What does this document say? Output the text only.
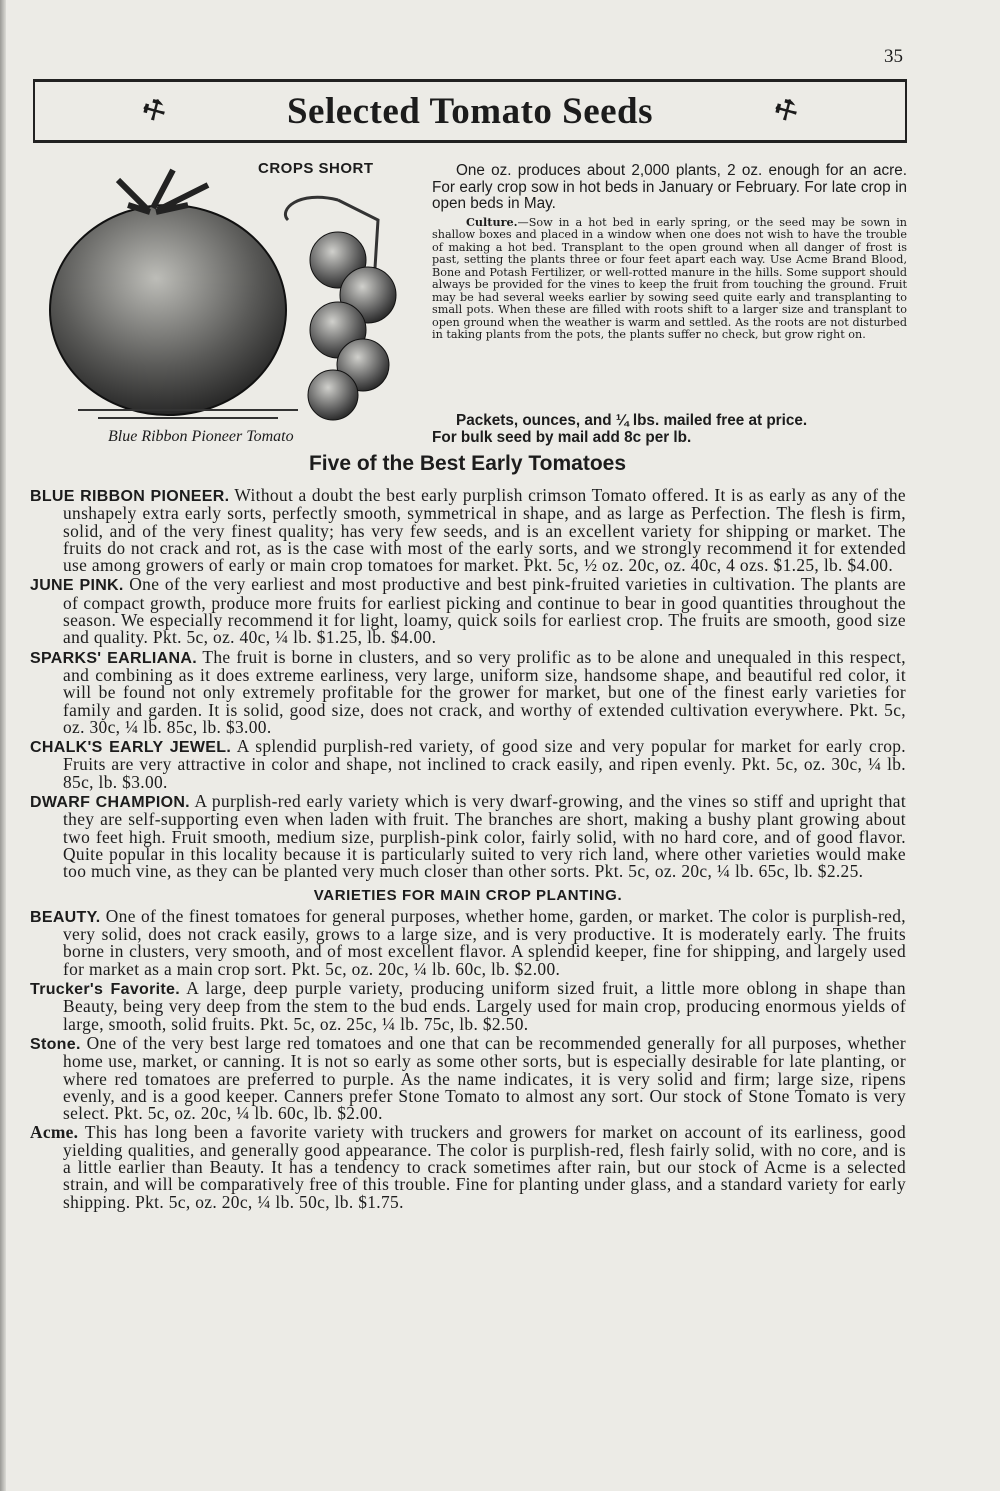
35
⚒	Selected Tomato Seeds	⚒
CROPS SHORT
Blue Ribbon Pioneer Tomato
One oz. produces about 2,000 plants, 2 oz. enough for an acre. For early crop sow in hot beds in January or February. For late crop in open beds in May.
Culture.—Sow in a hot bed in early spring, or the seed may be sown in shallow boxes and placed in a window when one does not wish to have the trouble of making a hot bed. Transplant to the open ground when all danger of frost is past, setting the plants three or four feet apart each way. Use Acme Brand Blood, Bone and Potash Fertilizer, or well-rotted manure in the hills. Some support should always be provided for the vines to keep the fruit from touching the ground. Fruit may be had several weeks earlier by sowing seed quite early and transplanting to small pots. When these are filled with roots shift to a larger size and transplant to open ground when the weather is warm and settled. As the roots are not disturbed in taking plants from the pots, the plants suffer no check, but grow right on.
Packets, ounces, and ¼ lbs. mailed free at price.
For bulk seed by mail add 8c per lb.
Five of the Best Early Tomatoes
BLUE RIBBON PIONEER. Without a doubt the best early purplish crimson Tomato offered. It is as early as any of the unshapely extra early sorts, perfectly smooth, symmetrical in shape, and as large as Perfection. The flesh is firm, solid, and of the very finest quality; has very few seeds, and is an excellent variety for shipping or market. The fruits do not crack and rot, as is the case with most of the early sorts, and we strongly recommend it for extended use among growers of early or main crop tomatoes for market. Pkt. 5c, ½ oz. 20c, oz. 40c, 4 ozs. $1.25, lb. $4.00.
JUNE PINK. One of the very earliest and most productive and best pink-fruited varieties in cultivation. The plants are of compact growth, produce more fruits for earliest picking and continue to bear in good quantities throughout the season. We especially recommend it for light, loamy, quick soils for earliest crop. The fruits are smooth, good size and quality. Pkt. 5c, oz. 40c, ¼ lb. $1.25, lb. $4.00.
SPARKS' EARLIANA. The fruit is borne in clusters, and so very prolific as to be alone and unequaled in this respect, and combining as it does extreme earliness, very large, uniform size, handsome shape, and beautiful red color, it will be found not only extremely profitable for the grower for market, but one of the finest early varieties for family and garden. It is solid, good size, does not crack, and worthy of extended cultivation everywhere. Pkt. 5c, oz. 30c, ¼ lb. 85c, lb. $3.00.
CHALK'S EARLY JEWEL. A splendid purplish-red variety, of good size and very popular for market for early crop. Fruits are very attractive in color and shape, not inclined to crack easily, and ripen evenly. Pkt. 5c, oz. 30c, ¼ lb. 85c, lb. $3.00.
DWARF CHAMPION. A purplish-red early variety which is very dwarf-growing, and the vines so stiff and upright that they are self-supporting even when laden with fruit. The branches are short, making a bushy plant growing about two feet high. Fruit smooth, medium size, purplish-pink color, fairly solid, with no hard core, and of good flavor. Quite popular in this locality because it is particularly suited to very rich land, where other varieties would make too much vine, as they can be planted very much closer than other sorts. Pkt. 5c, oz. 20c, ¼ lb. 65c, lb. $2.25.
VARIETIES FOR MAIN CROP PLANTING.
BEAUTY. One of the finest tomatoes for general purposes, whether home, garden, or market. The color is purplish-red, very solid, does not crack easily, grows to a large size, and is very productive. It is moderately early. The fruits borne in clusters, very smooth, and of most excellent flavor. A splendid keeper, fine for shipping, and largely used for market as a main crop sort. Pkt. 5c, oz. 20c, ¼ lb. 60c, lb. $2.00.
Trucker's Favorite. A large, deep purple variety, producing uniform sized fruit, a little more oblong in shape than Beauty, being very deep from the stem to the bud ends. Largely used for main crop, producing enormous yields of large, smooth, solid fruits. Pkt. 5c, oz. 25c, ¼ lb. 75c, lb. $2.50.
Stone. One of the very best large red tomatoes and one that can be recommended generally for all purposes, whether home use, market, or canning. It is not so early as some other sorts, but is especially desirable for late planting, or where red tomatoes are preferred to purple. As the name indicates, it is very solid and firm; large size, ripens evenly, and is a good keeper. Canners prefer Stone Tomato to almost any sort. Our stock of Stone Tomato is very select. Pkt. 5c, oz. 20c, ¼ lb. 60c, lb. $2.00.
Acme. This has long been a favorite variety with truckers and growers for market on account of its earliness, good yielding qualities, and generally good appearance. The color is purplish-red, flesh fairly solid, with no core, and is a little earlier than Beauty. It has a tendency to crack sometimes after rain, but our stock of Acme is a selected strain, and will be comparatively free of this trouble. Fine for planting under glass, and a standard variety for early shipping. Pkt. 5c, oz. 20c, ¼ lb. 50c, lb. $1.75.
